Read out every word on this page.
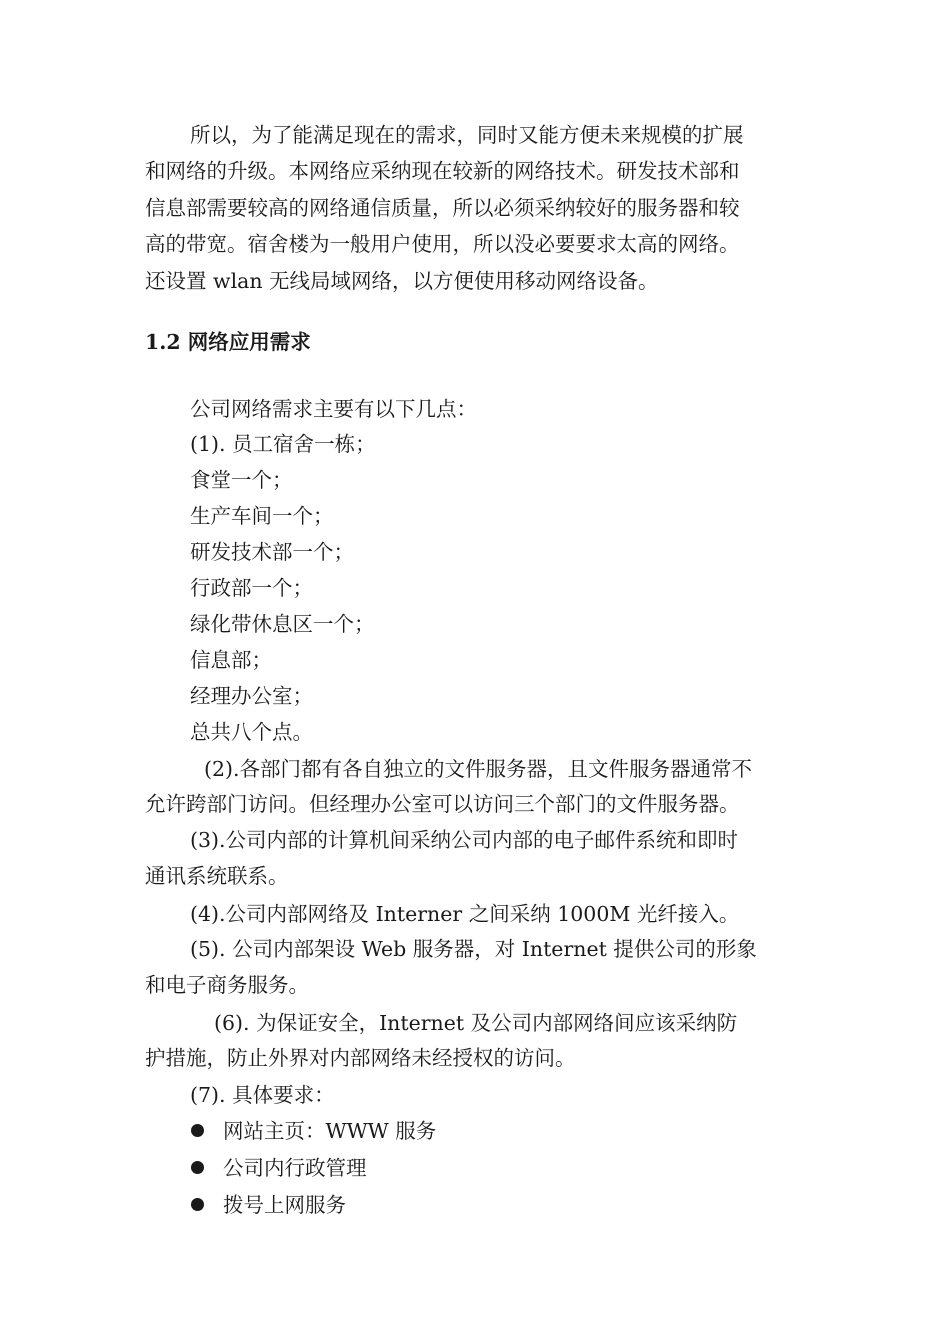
所以，为了能满足现在的需求，同时又能方便未来规模的扩展

和网络的升级。本网络应采纳现在较新的网络技术。研发技术部和

信息部需要较高的网络通信质量，所以必须采纳较好的服务器和较

高的带宽。宿舍楼为一般用户使用，所以没必要要求太高的网络。

还设置 wlan 无线局域网络，以方便使用移动网络设备。

1.2 网络应用需求

公司网络需求主要有以下几点：

(1). 员工宿舍一栋；

食堂一个；

生产车间一个；

研发技术部一个；

行政部一个；

绿化带休息区一个；

信息部；

经理办公室；

总共八个点。

(2).各部门都有各自独立的文件服务器，且文件服务器通常不

允许跨部门访问。但经理办公室可以访问三个部门的文件服务器。

(3).公司内部的计算机间采纳公司内部的电子邮件系统和即时

通讯系统联系。

(4).公司内部网络及 Interner 之间采纳 1000M 光纤接入。

(5). 公司内部架设 Web 服务器，对 Internet 提供公司的形象

和电子商务服务。

(6). 为保证安全，Internet 及公司内部网络间应该采纳防

护措施，防止外界对内部网络未经授权的访问。

(7). 具体要求：

网站主页：WWW 服务

公司内行政管理

拨号上网服务
